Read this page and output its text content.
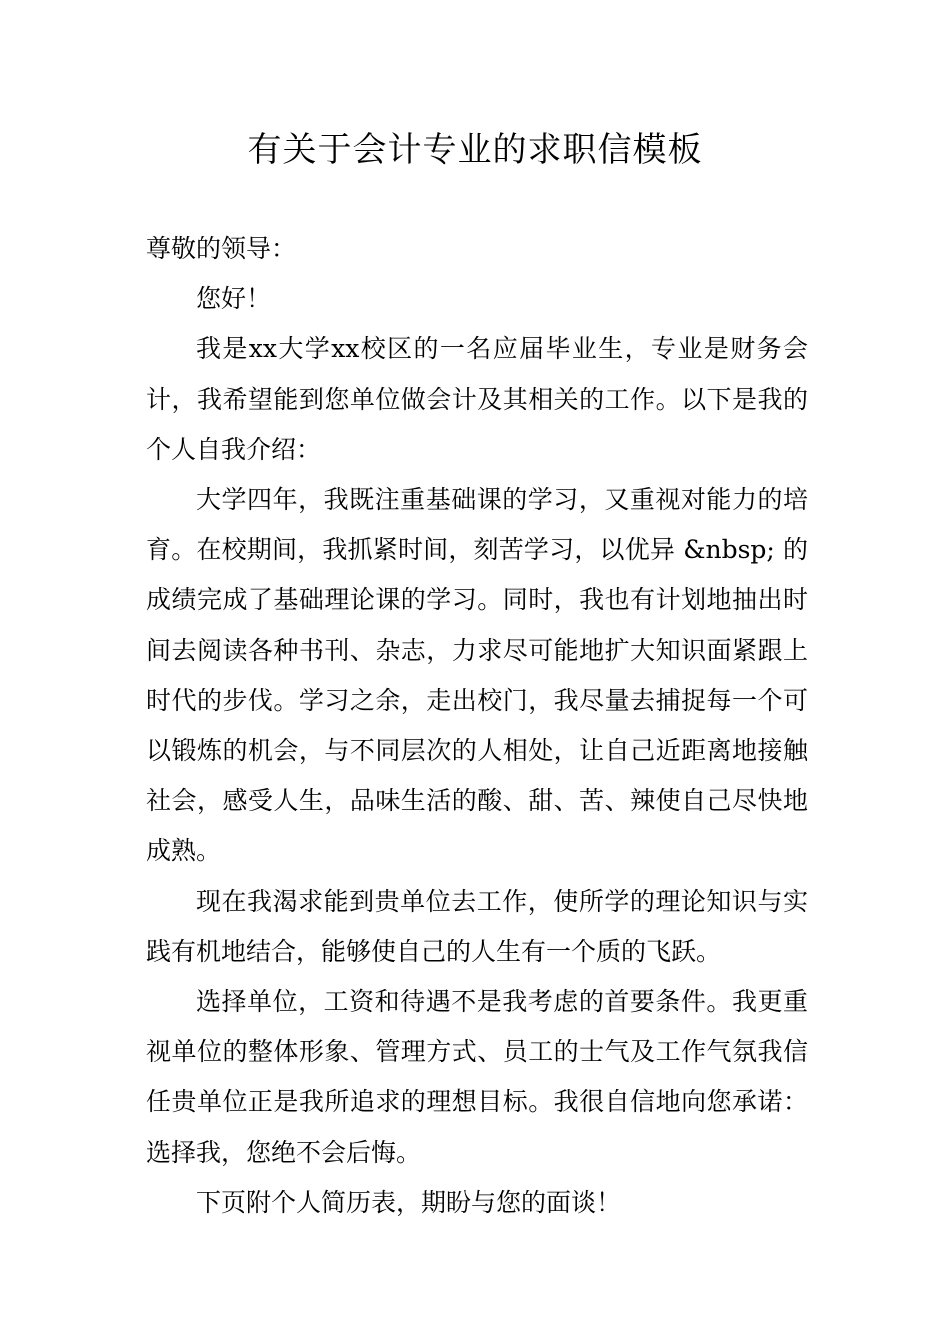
有关于会计专业的求职信模板

尊敬的领导：

您好！

我是xx大学xx校区的一名应届毕业生，专业是财务会计，我希望能到您单位做会计及其相关的工作。以下是我的个人自我介绍：

大学四年，我既注重基础课的学习，又重视对能力的培育。在校期间，我抓紧时间，刻苦学习，以优异 &nbsp; 的成绩完成了基础理论课的学习。同时，我也有计划地抽出时间去阅读各种书刊、杂志，力求尽可能地扩大知识面紧跟上时代的步伐。学习之余，走出校门，我尽量去捕捉每一个可以锻炼的机会，与不同层次的人相处，让自己近距离地接触社会，感受人生，品味生活的酸、甜、苦、辣使自己尽快地成熟。

现在我渴求能到贵单位去工作，使所学的理论知识与实践有机地结合，能够使自己的人生有一个质的飞跃。

选择单位，工资和待遇不是我考虑的首要条件。我更重视单位的整体形象、管理方式、员工的士气及工作气氛我信任贵单位正是我所追求的理想目标。我很自信地向您承诺：选择我，您绝不会后悔。

下页附个人简历表，期盼与您的面谈！
